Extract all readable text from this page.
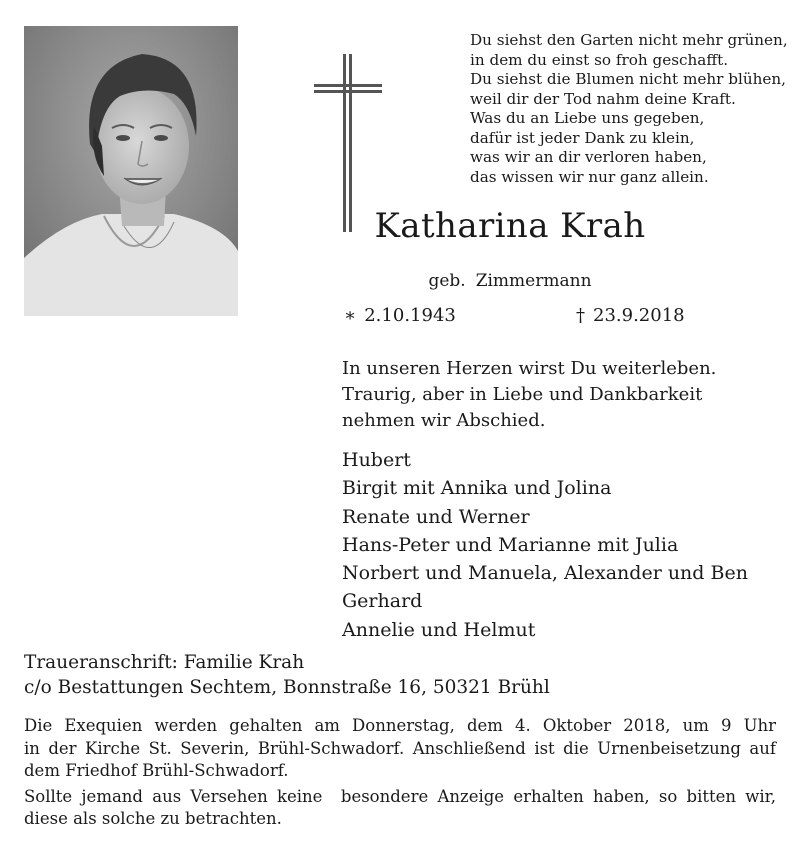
Du siehst den Garten nicht mehr grünen,
in dem du einst so froh geschafft.
Du siehst die Blumen nicht mehr blühen,
weil dir der Tod nahm deine Kraft.
Was du an Liebe uns gegeben,
dafür ist jeder Dank zu klein,
was wir an dir verloren haben,
das wissen wir nur ganz allein.
Katharina Krah
geb. Zimmermann
∗ 2.10.1943	† 23.9.2018
In unseren Herzen wirst Du weiterleben.
Traurig, aber in Liebe und Dankbarkeit
nehmen wir Abschied.
Hubert
Birgit mit Annika und Jolina
Renate und Werner
Hans-Peter und Marianne mit Julia
Norbert und Manuela, Alexander und Ben
Gerhard
Annelie und Helmut
Traueranschrift: Familie Krah
c/o Bestattungen Sechtem, Bonnstraße 16, 50321 Brühl
Die Exequien werden gehalten am Donnerstag, dem 4. Oktober 2018, um 9 Uhr
in der Kirche St. Severin, Brühl-Schwadorf. Anschließend ist die Urnenbeisetzung auf
dem Friedhof Brühl-Schwadorf.
Sollte jemand aus Versehen keine  besondere Anzeige erhalten haben, so bitten wir,
diese als solche zu betrachten.
